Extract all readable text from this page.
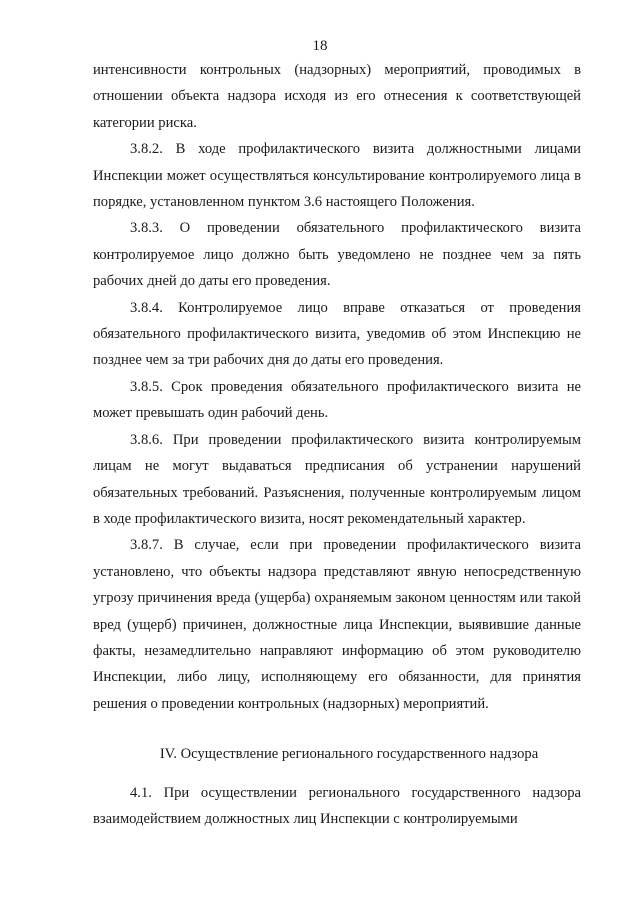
18

интенсивности контрольных (надзорных) мероприятий, проводимых в отношении объекта надзора исходя из его отнесения к соответствующей категории риска.

3.8.2. В ходе профилактического визита должностными лицами Инспекции может осуществляться консультирование контролируемого лица в порядке, установленном пунктом 3.6 настоящего Положения.

3.8.3. О проведении обязательного профилактического визита контролируемое лицо должно быть уведомлено не позднее чем за пять рабочих дней до даты его проведения.

3.8.4. Контролируемое лицо вправе отказаться от проведения обязательного профилактического визита, уведомив об этом Инспекцию не позднее чем за три рабочих дня до даты его проведения.

3.8.5. Срок проведения обязательного профилактического визита не может превышать один рабочий день.

3.8.6. При проведении профилактического визита контролируемым лицам не могут выдаваться предписания об устранении нарушений обязательных требований. Разъяснения, полученные контролируемым лицом в ходе профилактического визита, носят рекомендательный характер.

3.8.7. В случае, если при проведении профилактического визита установлено, что объекты надзора представляют явную непосредственную угрозу причинения вреда (ущерба) охраняемым законом ценностям или такой вред (ущерб) причинен, должностные лица Инспекции, выявившие данные факты, незамедлительно направляют информацию об этом руководителю Инспекции, либо лицу, исполняющему его обязанности, для принятия решения о проведении контрольных (надзорных) мероприятий.

IV. Осуществление регионального государственного надзора

4.1. При осуществлении регионального государственного надзора взаимодействием должностных лиц Инспекции с контролируемыми
